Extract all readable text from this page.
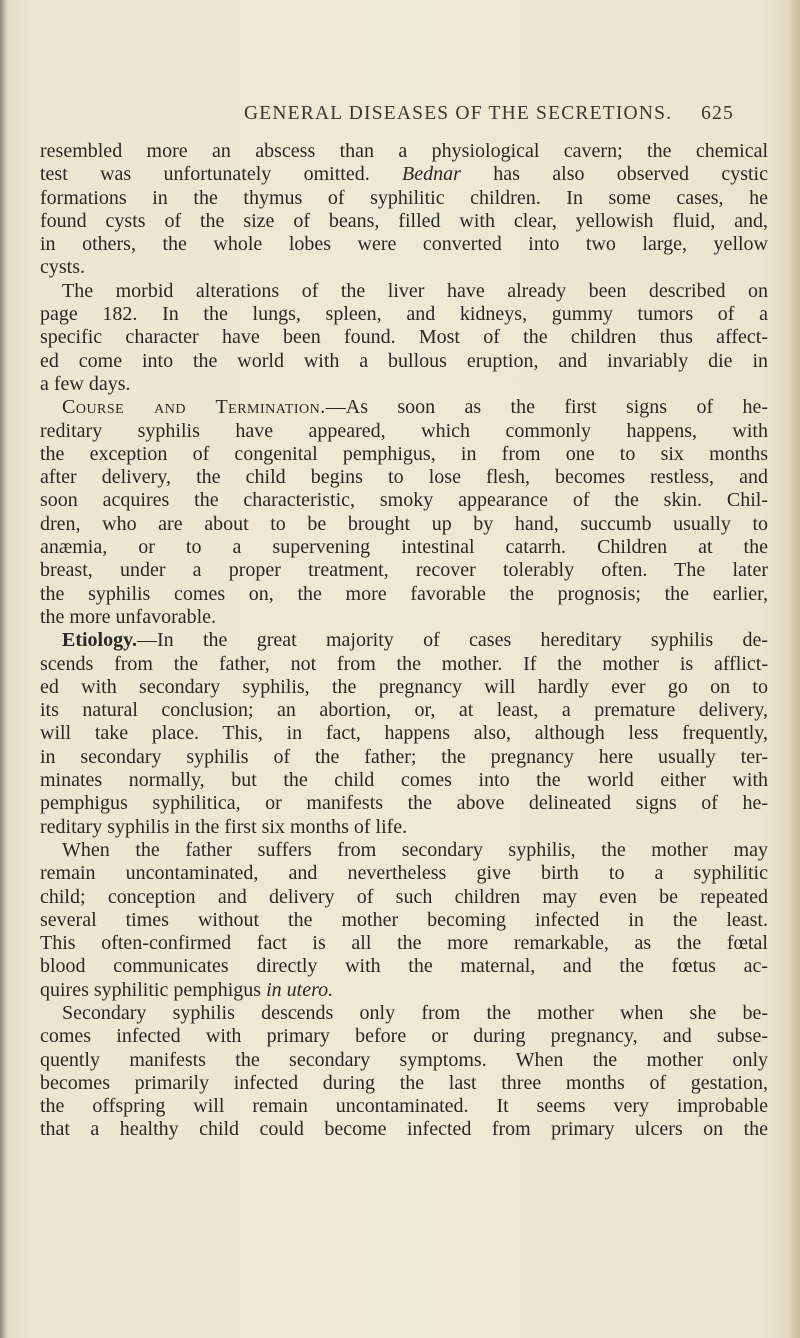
GENERAL DISEASES OF THE SECRETIONS. 625
resembled more an abscess than a physiological cavern; the chemical
test was unfortunately omitted. Bednar has also observed cystic
formations in the thymus of syphilitic children. In some cases, he
found cysts of the size of beans, filled with clear, yellowish fluid, and,
in others, the whole lobes were converted into two large, yellow
cysts.
The morbid alterations of the liver have already been described on
page 182. In the lungs, spleen, and kidneys, gummy tumors of a
specific character have been found. Most of the children thus affect-
ed come into the world with a bullous eruption, and invariably die in
a few days.
Course and Termination.—As soon as the first signs of he-
reditary syphilis have appeared, which commonly happens, with
the exception of congenital pemphigus, in from one to six months
after delivery, the child begins to lose flesh, becomes restless, and
soon acquires the characteristic, smoky appearance of the skin. Chil-
dren, who are about to be brought up by hand, succumb usually to
anæmia, or to a supervening intestinal catarrh. Children at the
breast, under a proper treatment, recover tolerably often. The later
the syphilis comes on, the more favorable the prognosis; the earlier,
the more unfavorable.
Etiology.—In the great majority of cases hereditary syphilis de-
scends from the father, not from the mother. If the mother is afflict-
ed with secondary syphilis, the pregnancy will hardly ever go on to
its natural conclusion; an abortion, or, at least, a premature delivery,
will take place. This, in fact, happens also, although less frequently,
in secondary syphilis of the father; the pregnancy here usually ter-
minates normally, but the child comes into the world either with
pemphigus syphilitica, or manifests the above delineated signs of he-
reditary syphilis in the first six months of life.
When the father suffers from secondary syphilis, the mother may
remain uncontaminated, and nevertheless give birth to a syphilitic
child; conception and delivery of such children may even be repeated
several times without the mother becoming infected in the least.
This often-confirmed fact is all the more remarkable, as the fœtal
blood communicates directly with the maternal, and the fœtus ac-
quires syphilitic pemphigus in utero.
Secondary syphilis descends only from the mother when she be-
comes infected with primary before or during pregnancy, and subse-
quently manifests the secondary symptoms. When the mother only
becomes primarily infected during the last three months of gestation,
the offspring will remain uncontaminated. It seems very improbable
that a healthy child could become infected from primary ulcers on the
